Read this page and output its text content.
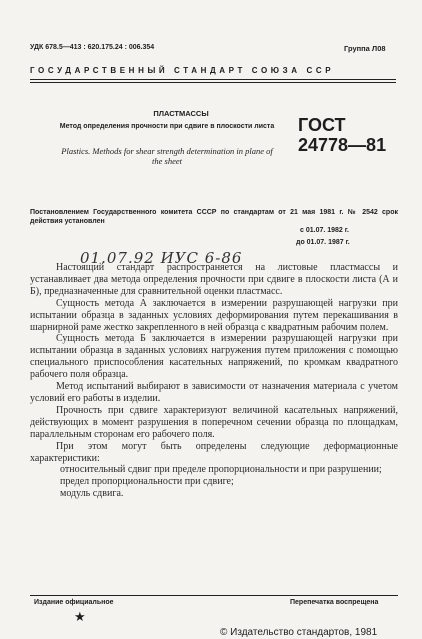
УДК 678.5—413 : 620.175.24 : 006.354	Группа Л08
ГОСУДАРСТВЕННЫЙ СТАНДАРТ СОЮЗА ССР
ПЛАСТМАССЫ
Метод определения прочности при сдвиге в плоскости листа
Plastics. Methods for shear strength determination in plane of the sheet
ГОСТ 24778—81
Постановлением Государственного комитета СССР по стандартам от 21 мая 1981 г. № 2542 срок действия установлен
с 01.07. 1982 г.
до 01.07. 1987 г.
01.07.92 ИУС 6-86

Настоящий стандарт распространяется на листовые пластмассы и устанавливает два метода определения прочности при сдвиге в плоскости листа (А и Б), предназначенные для сравнительной оценки пластмасс.

Сущность метода А заключается в измерении разрушающей нагрузки при испытании образца в заданных условиях деформирования путем перекашивания в шарнирной раме жестко закрепленного в ней образца с квадратным рабочим полем.

Сущность метода Б заключается в измерении разрушающей нагрузки при испытании образца в заданных условиях нагружения путем приложения с помощью специального приспособления касательных напряжений, по кромкам квадратного рабочего поля образца.

Метод испытаний выбирают в зависимости от назначения материала с учетом условий его работы в изделии.

Прочность при сдвиге характеризуют величиной касательных напряжений, действующих в момент разрушения в поперечном сечении образца по площадкам, параллельным сторонам его рабочего поля.

При этом могут быть определены следующие деформационные характеристики:

относительный сдвиг при пределе пропорциональности и при разрушении;

предел пропорциональности при сдвиге;

модуль сдвига.

Издание официальное	Перепечатка воспрещена
★
© Издательство стандартов, 1981
